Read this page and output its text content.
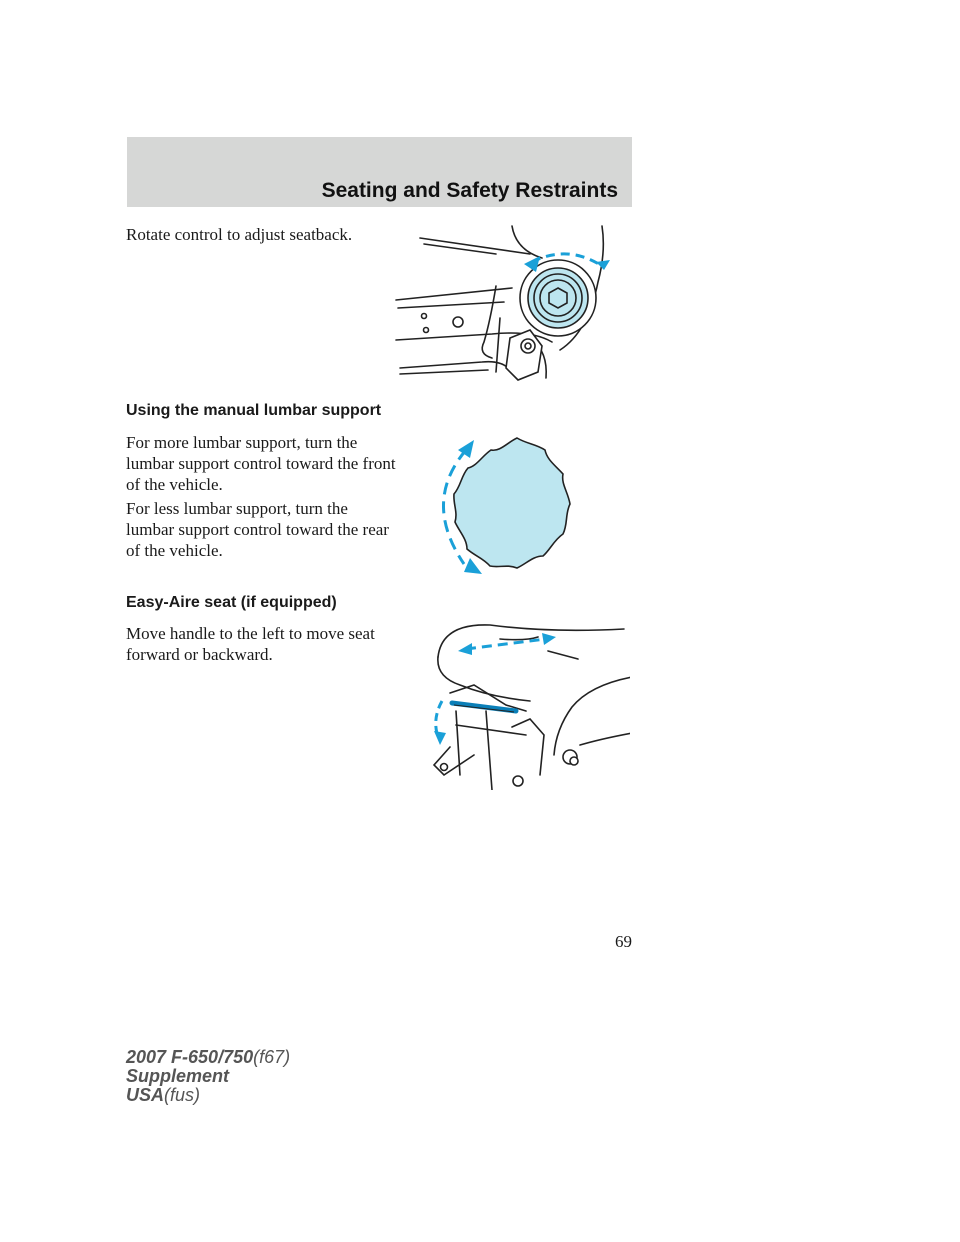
Seating and Safety Restraints

Rotate control to adjust seatback.

Using the manual lumbar support

For more lumbar support, turn the lumbar support control toward the front of the vehicle.

For less lumbar support, turn the lumbar support control toward the rear of the vehicle.

Easy-Aire seat (if equipped)

Move handle to the left to move seat forward or backward.

69
2007 F-650/750(f67)
Supplement
USA(fus)
